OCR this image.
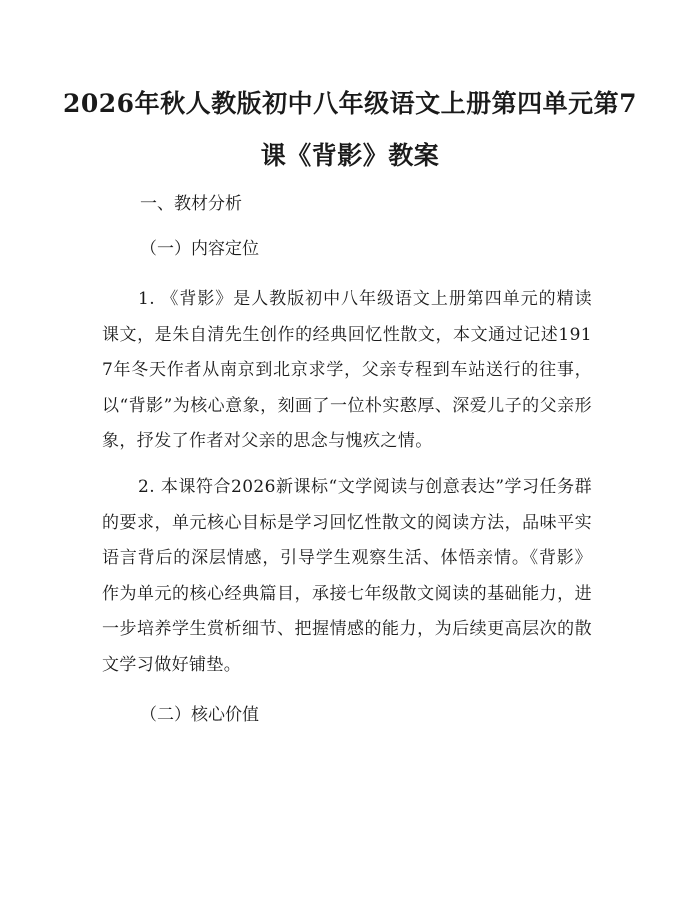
2026年秋人教版初中八年级语文上册第四单元第7课《背影》教案
一、教材分析
（一）内容定位

1. 《背影》是人教版初中八年级语文上册第四单元的精读课文，是朱自清先生创作的经典回忆性散文，本文通过记述1917年冬天作者从南京到北京求学，父亲专程到车站送行的往事，以“背影”为核心意象，刻画了一位朴实憨厚、深爱儿子的父亲形象，抒发了作者对父亲的思念与愧疚之情。

2. 本课符合2026新课标“文学阅读与创意表达”学习任务群的要求，单元核心目标是学习回忆性散文的阅读方法，品味平实语言背后的深层情感，引导学生观察生活、体悟亲情。《背影》作为单元的核心经典篇目，承接七年级散文阅读的基础能力，进一步培养学生赏析细节、把握情感的能力，为后续更高层次的散文学习做好铺垫。

（二）核心价值
